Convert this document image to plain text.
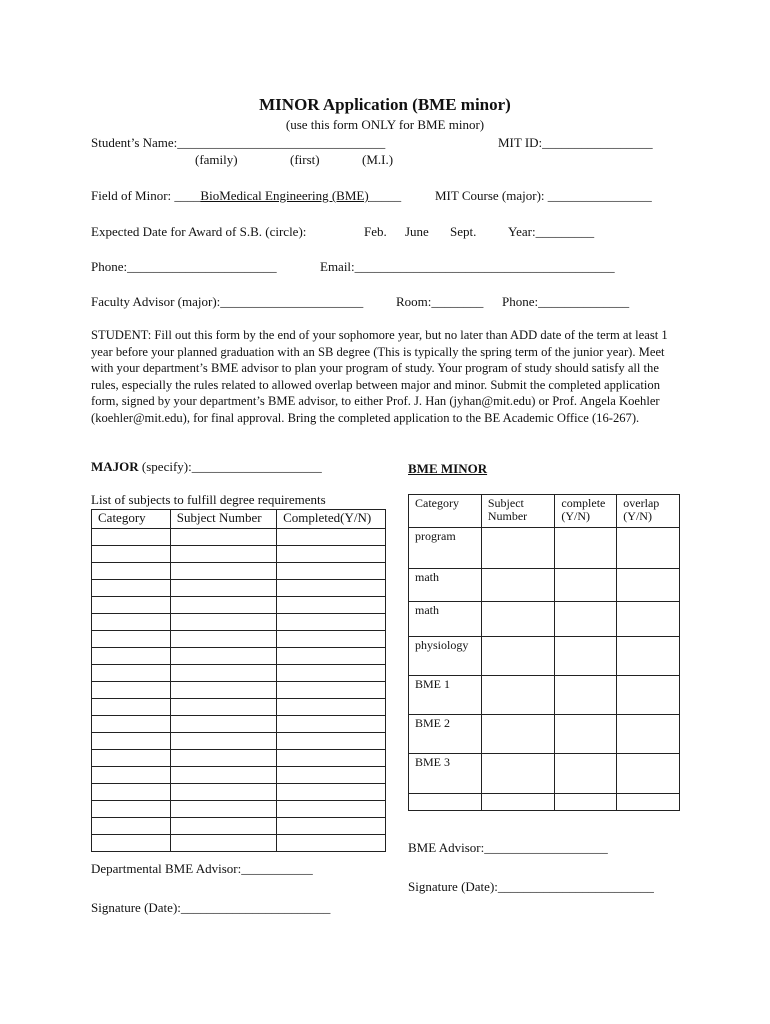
MINOR Application (BME minor)
(use this form ONLY for BME minor)
Student’s Name:________________________________	MIT ID:_________________
(family)	(first)	(M.I.)
Field of Minor: ____BioMedical Engineering (BME)_____	MIT Course (major): ________________
Expected Date for Award of S.B. (circle):	Feb. June Sept. Year:_________
Phone:_______________________	Email:________________________________________
Faculty Advisor (major):______________________	Room:________ Phone:______________
STUDENT: Fill out this form by the end of your sophomore year, but no later than ADD date of the term at least 1 year before your planned graduation with an SB degree (This is typically the spring term of the junior year). Meet with your department’s BME advisor to plan your program of study. Your program of study should satisfy all the rules, especially the rules related to allowed overlap between major and minor. Submit the completed application form, signed by your department’s BME advisor, to either Prof. J. Han (jyhan@mit.edu) or Prof. Angela Koehler (koehler@mit.edu), for final approval. Bring the completed application to the BE Academic Office (16-267).
MAJOR (specify):____________________	BME MINOR
List of subjects to fulfill degree requirements
Category	Subject Number	Completed(Y/N)

Category	Subject Number	complete (Y/N)	overlap (Y/N)
program			
math			
math			
physiology			
BME 1			
BME 2			
BME 3			

Departmental BME Advisor:___________
Signature (Date):_______________________
BME Advisor:___________________
Signature (Date):________________________
